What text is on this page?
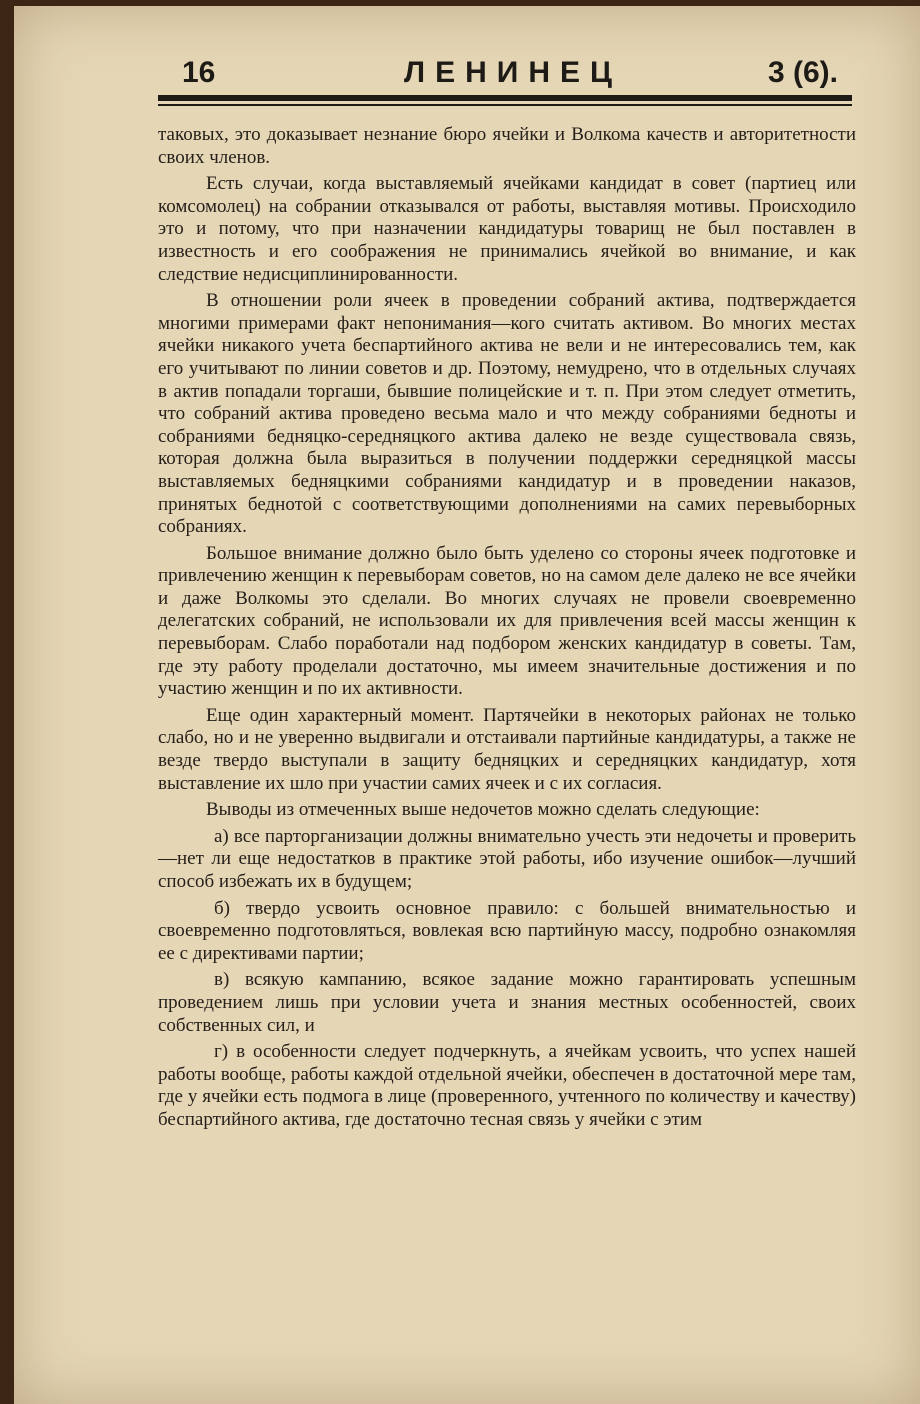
16	ЛЕНИНЕЦ	3 (6).

таковых, это доказывает незнание бюро ячейки и Волкома качеств и авторитетности своих членов.

Есть случаи, когда выставляемый ячейками кандидат в совет (партиец или комсомолец) на собрании отказывался от работы, выставляя мотивы. Происходило это и потому, что при назначении кандидатуры товарищ не был поставлен в известность и его соображения не принимались ячейкой во внимание, и как следствие недисциплинированности.

В отношении роли ячеек в проведении собраний актива, подтверждается многими примерами факт непонимания—кого считать активом. Во многих местах ячейки никакого учета беспартийного актива не вели и не интересовались тем, как его учитывают по линии советов и др. Поэтому, немудрено, что в отдельных случаях в актив попадали торгаши, бывшие полицейские и т. п. При этом следует отметить, что собраний актива проведено весьма мало и что между собраниями бедноты и собраниями бедняцко-середняцкого актива далеко не везде существовала связь, которая должна была выразиться в получении поддержки середняцкой массы выставляемых бедняцкими собраниями кандидатур и в проведении наказов, принятых беднотой с соответствующими дополнениями на самих перевыборных собраниях.

Большое внимание должно было быть уделено со стороны ячеек подготовке и привлечению женщин к перевыборам советов, но на самом деле далеко не все ячейки и даже Волкомы это сделали. Во многих случаях не провели своевременно делегатских собраний, не использовали их для привлечения всей массы женщин к перевыборам. Слабо поработали над подбором женских кандидатур в советы. Там, где эту работу проделали достаточно, мы имеем значительные достижения и по участию женщин и по их активности.

Еще один характерный момент. Партячейки в некоторых районах не только слабо, но и не уверенно выдвигали и отстаивали партийные кандидатуры, а также не везде твердо выступали в защиту бедняцких и середняцких кандидатур, хотя выставление их шло при участии самих ячеек и с их согласия.

Выводы из отмеченных выше недочетов можно сделать следующие:

а) все парторганизации должны внимательно учесть эти недочеты и проверить—нет ли еще недостатков в практике этой работы, ибо изучение ошибок—лучший способ избежать их в будущем;

б) твердо усвоить основное правило: с большей внимательностью и своевременно подготовляться, вовлекая всю партийную массу, подробно ознакомляя ее с директивами партии;

в) всякую кампанию, всякое задание можно гарантировать успешным проведением лишь при условии учета и знания местных особенностей, своих собственных сил, и

г) в особенности следует подчеркнуть, а ячейкам усвоить, что успех нашей работы вообще, работы каждой отдельной ячейки, обеспечен в достаточной мере там, где у ячейки есть подмога в лице (проверенного, учтенного по количеству и качеству) беспартийного актива, где достаточно тесная связь у ячейки с этим
